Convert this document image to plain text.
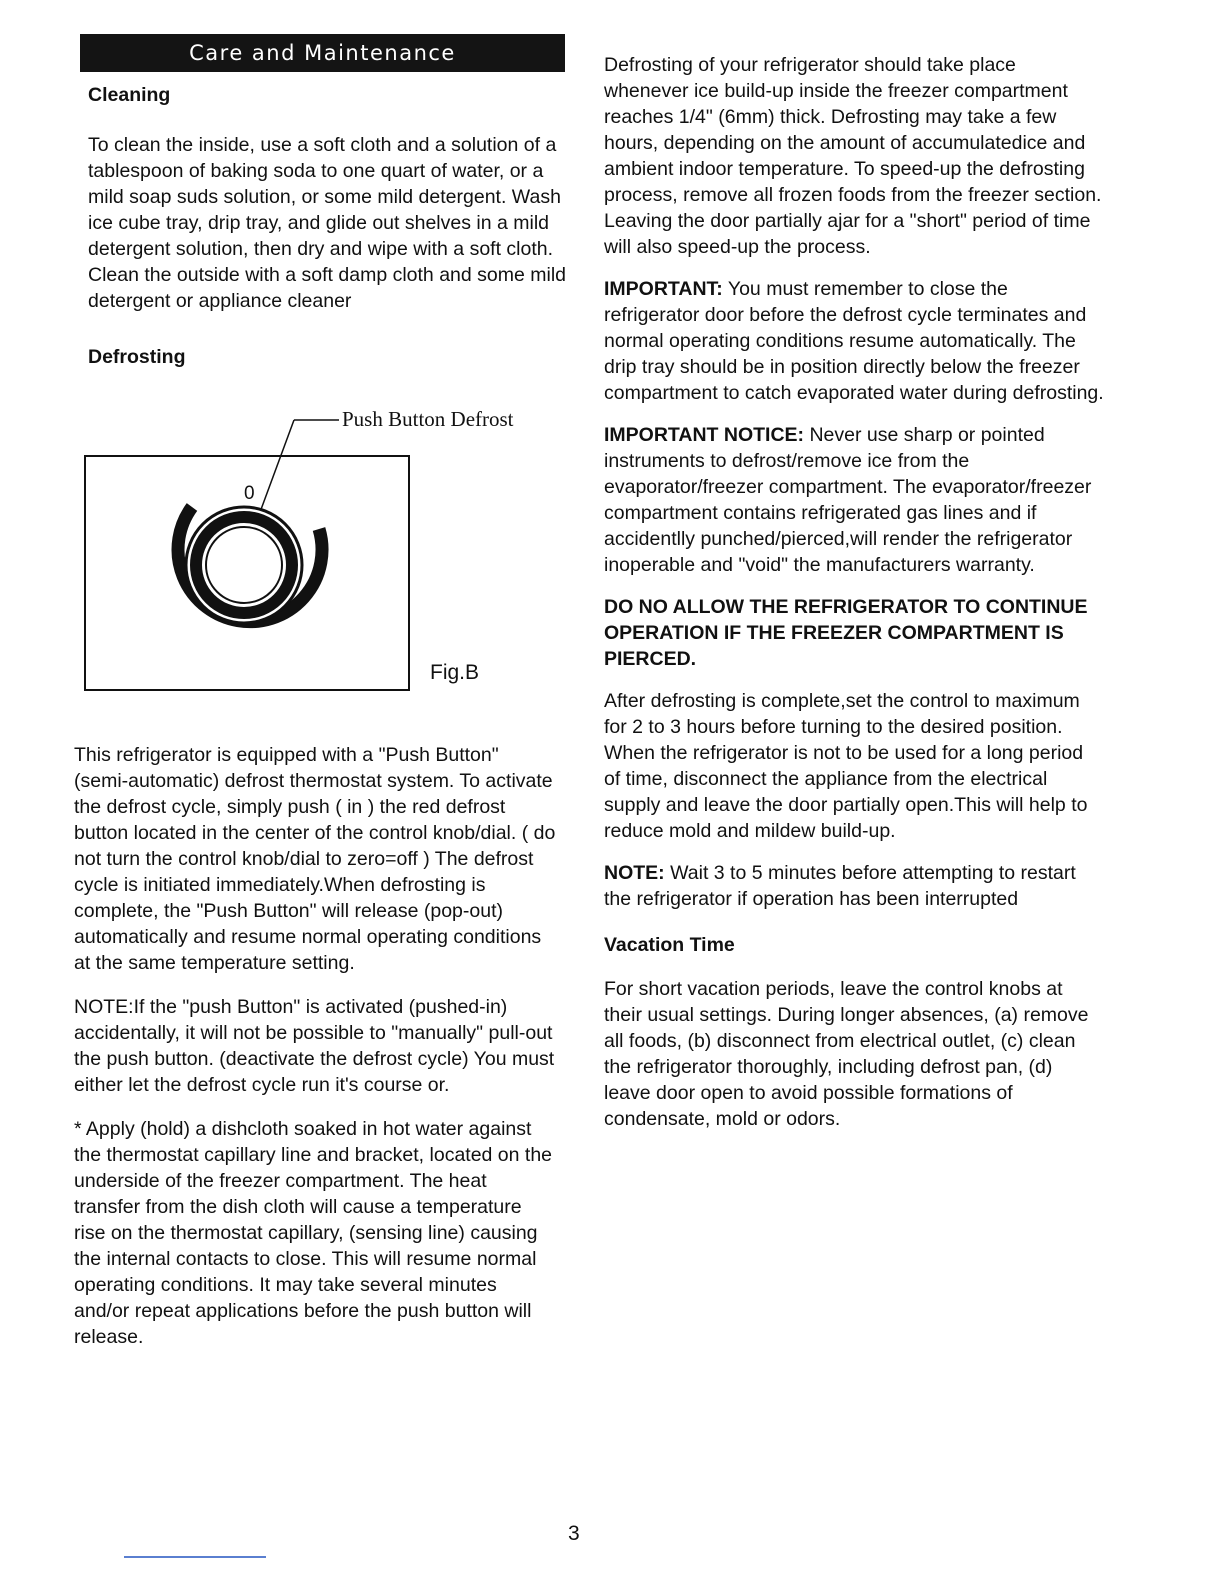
Care and Maintenance

Cleaning

To clean the inside, use a soft cloth and a solution of a tablespoon of baking soda to one quart of water, or a mild soap suds solution, or some mild detergent. Wash ice cube tray, drip tray, and glide out shelves in a mild detergent solution, then dry and wipe with a soft cloth. Clean the outside with a soft damp cloth and some mild detergent or appliance cleaner

Defrosting

Push Button Defrost
0
Fig.B

This refrigerator is equipped with a "Push Button" (semi-automatic) defrost thermostat system. To activate the defrost cycle, simply push ( in ) the red defrost button located in the center of the control knob/dial. ( do not turn the control knob/dial to zero=off ) The defrost cycle is initiated immediately.When defrosting is complete, the "Push Button" will release (pop-out) automatically and resume normal operating conditions at the same temperature setting.

NOTE:If the "push Button" is activated (pushed-in) accidentally, it will not be possible to "manually" pull-out the push button. (deactivate the defrost cycle) You must either let the defrost cycle run it's course or.

* Apply (hold) a dishcloth soaked in hot water against the thermostat capillary line and bracket, located on the underside of the freezer compartment. The heat transfer from the dish cloth will cause a temperature rise on the thermostat capillary, (sensing line) causing the internal contacts to close. This will resume normal operating conditions. It may take several minutes and/or repeat applications before the push button will release.

Defrosting of your refrigerator should take place whenever ice build-up inside the freezer compartment reaches 1/4" (6mm) thick. Defrosting may take a few hours, depending on the amount of accumulatedice and ambient indoor temperature. To speed-up the defrosting process, remove all frozen foods from the freezer section. Leaving the door partially ajar for a "short" period of time will also speed-up the process.

IMPORTANT: You must remember to close the refrigerator door before the defrost cycle terminates and normal operating conditions resume automatically. The drip tray should be in position directly below the freezer compartment to catch evaporated water during defrosting.

IMPORTANT NOTICE: Never use sharp or pointed instruments to defrost/remove ice from the evaporator/freezer compartment. The evaporator/freezer compartment contains refrigerated gas lines and if accidentlly punched/pierced,will render the refrigerator inoperable and "void" the manufacturers warranty.

DO NO ALLOW THE REFRIGERATOR TO CONTINUE OPERATION IF THE FREEZER COMPARTMENT IS PIERCED.

After defrosting is complete,set the control to maximum for 2 to 3 hours before turning to the desired position. When the refrigerator is not to be used for a long period of time, disconnect the appliance from the electrical supply and leave the door partially open.This will help to reduce mold and mildew build-up.

NOTE: Wait 3 to 5 minutes before attempting to restart the refrigerator if operation has been interrupted

Vacation Time

For short vacation periods, leave the control knobs at their usual settings. During longer absences, (a) remove all foods, (b) disconnect from electrical outlet, (c) clean the refrigerator thoroughly, including defrost pan, (d) leave door open to avoid possible formations of condensate, mold or odors.

3
